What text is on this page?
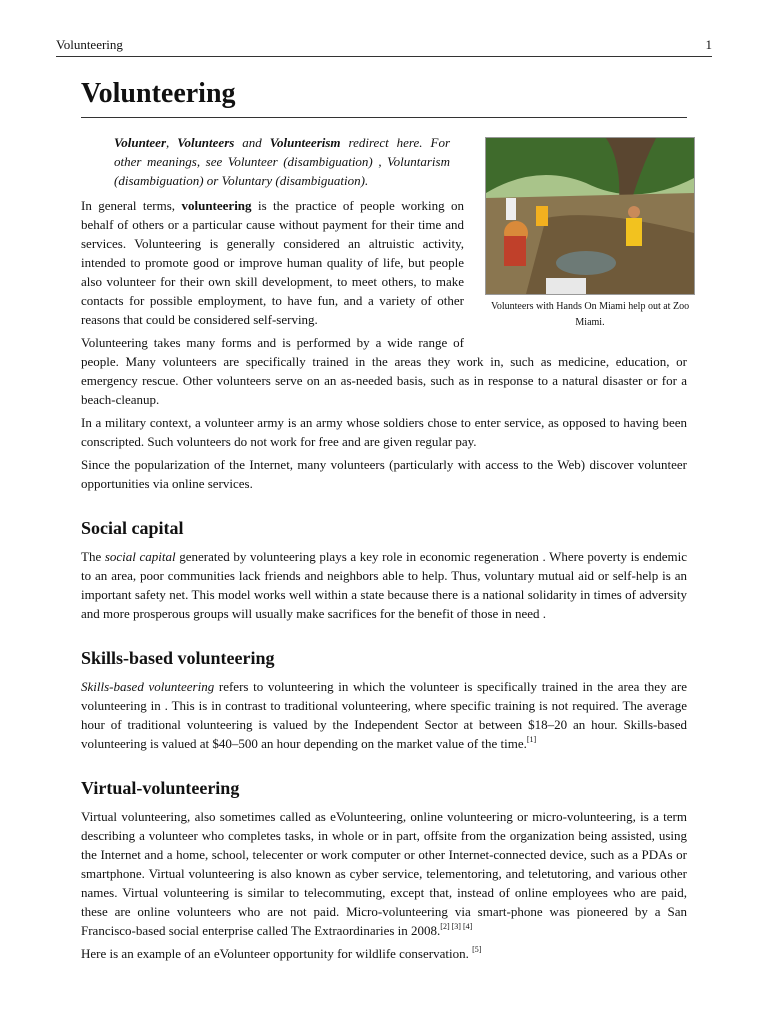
Volunteering	1
Volunteering
Volunteers with Hands On Miami help out at Zoo Miami.

Volunteer, Volunteers and Volunteerism redirect here. For other meanings, see Volunteer (disambiguation) , Voluntarism (disambiguation) or Voluntary (disambiguation).

In general terms, volunteering is the practice of people working on behalf of others or a particular cause without payment for their time and services. Volunteering is generally considered an altruistic activity, intended to promote good or improve human quality of life, but people also volunteer for their own skill development, to meet others, to make contacts for possible employment, to have fun, and a variety of other reasons that could be considered self-serving.

Volunteering takes many forms and is performed by a wide range of people. Many volunteers are specifically trained in the areas they work in, such as medicine, education, or emergency rescue. Other volunteers serve on an as-needed basis, such as in response to a natural disaster or for a beach-cleanup.

In a military context, a volunteer army is an army whose soldiers chose to enter service, as opposed to having been conscripted. Such volunteers do not work for free and are given regular pay.

Since the popularization of the Internet, many volunteers (particularly with access to the Web) discover volunteer opportunities via online services.

Social capital

The social capital generated by volunteering plays a key role in economic regeneration . Where poverty is endemic to an area, poor communities lack friends and neighbors able to help. Thus, voluntary mutual aid or self-help is an important safety net. This model works well within a state because there is a national solidarity in times of adversity and more prosperous groups will usually make sacrifices for the benefit of those in need .

Skills-based volunteering

Skills-based volunteering refers to volunteering in which the volunteer is specifically trained in the area they are volunteering in . This is in contrast to traditional volunteering, where specific training is not required. The average hour of traditional volunteering is valued by the Independent Sector at between $18–20 an hour. Skills-based volunteering is valued at $40–500 an hour depending on the market value of the time.[1]

Virtual-volunteering

Virtual volunteering, also sometimes called as eVolunteering, online volunteering or micro-volunteering, is a term describing a volunteer who completes tasks, in whole or in part, offsite from the organization being assisted, using the Internet and a home, school, telecenter or work computer or other Internet-connected device, such as a PDAs or smartphone. Virtual volunteering is also known as cyber service, telementoring, and teletutoring, and various other names. Virtual volunteering is similar to telecommuting, except that, instead of online employees who are paid, these are online volunteers who are not paid. Micro-volunteering via smart-phone was pioneered by a San Francisco-based social enterprise called The Extraordinaries in 2008.[2] [3] [4]

Here is an example of an eVolunteer opportunity for wildlife conservation. [5]
